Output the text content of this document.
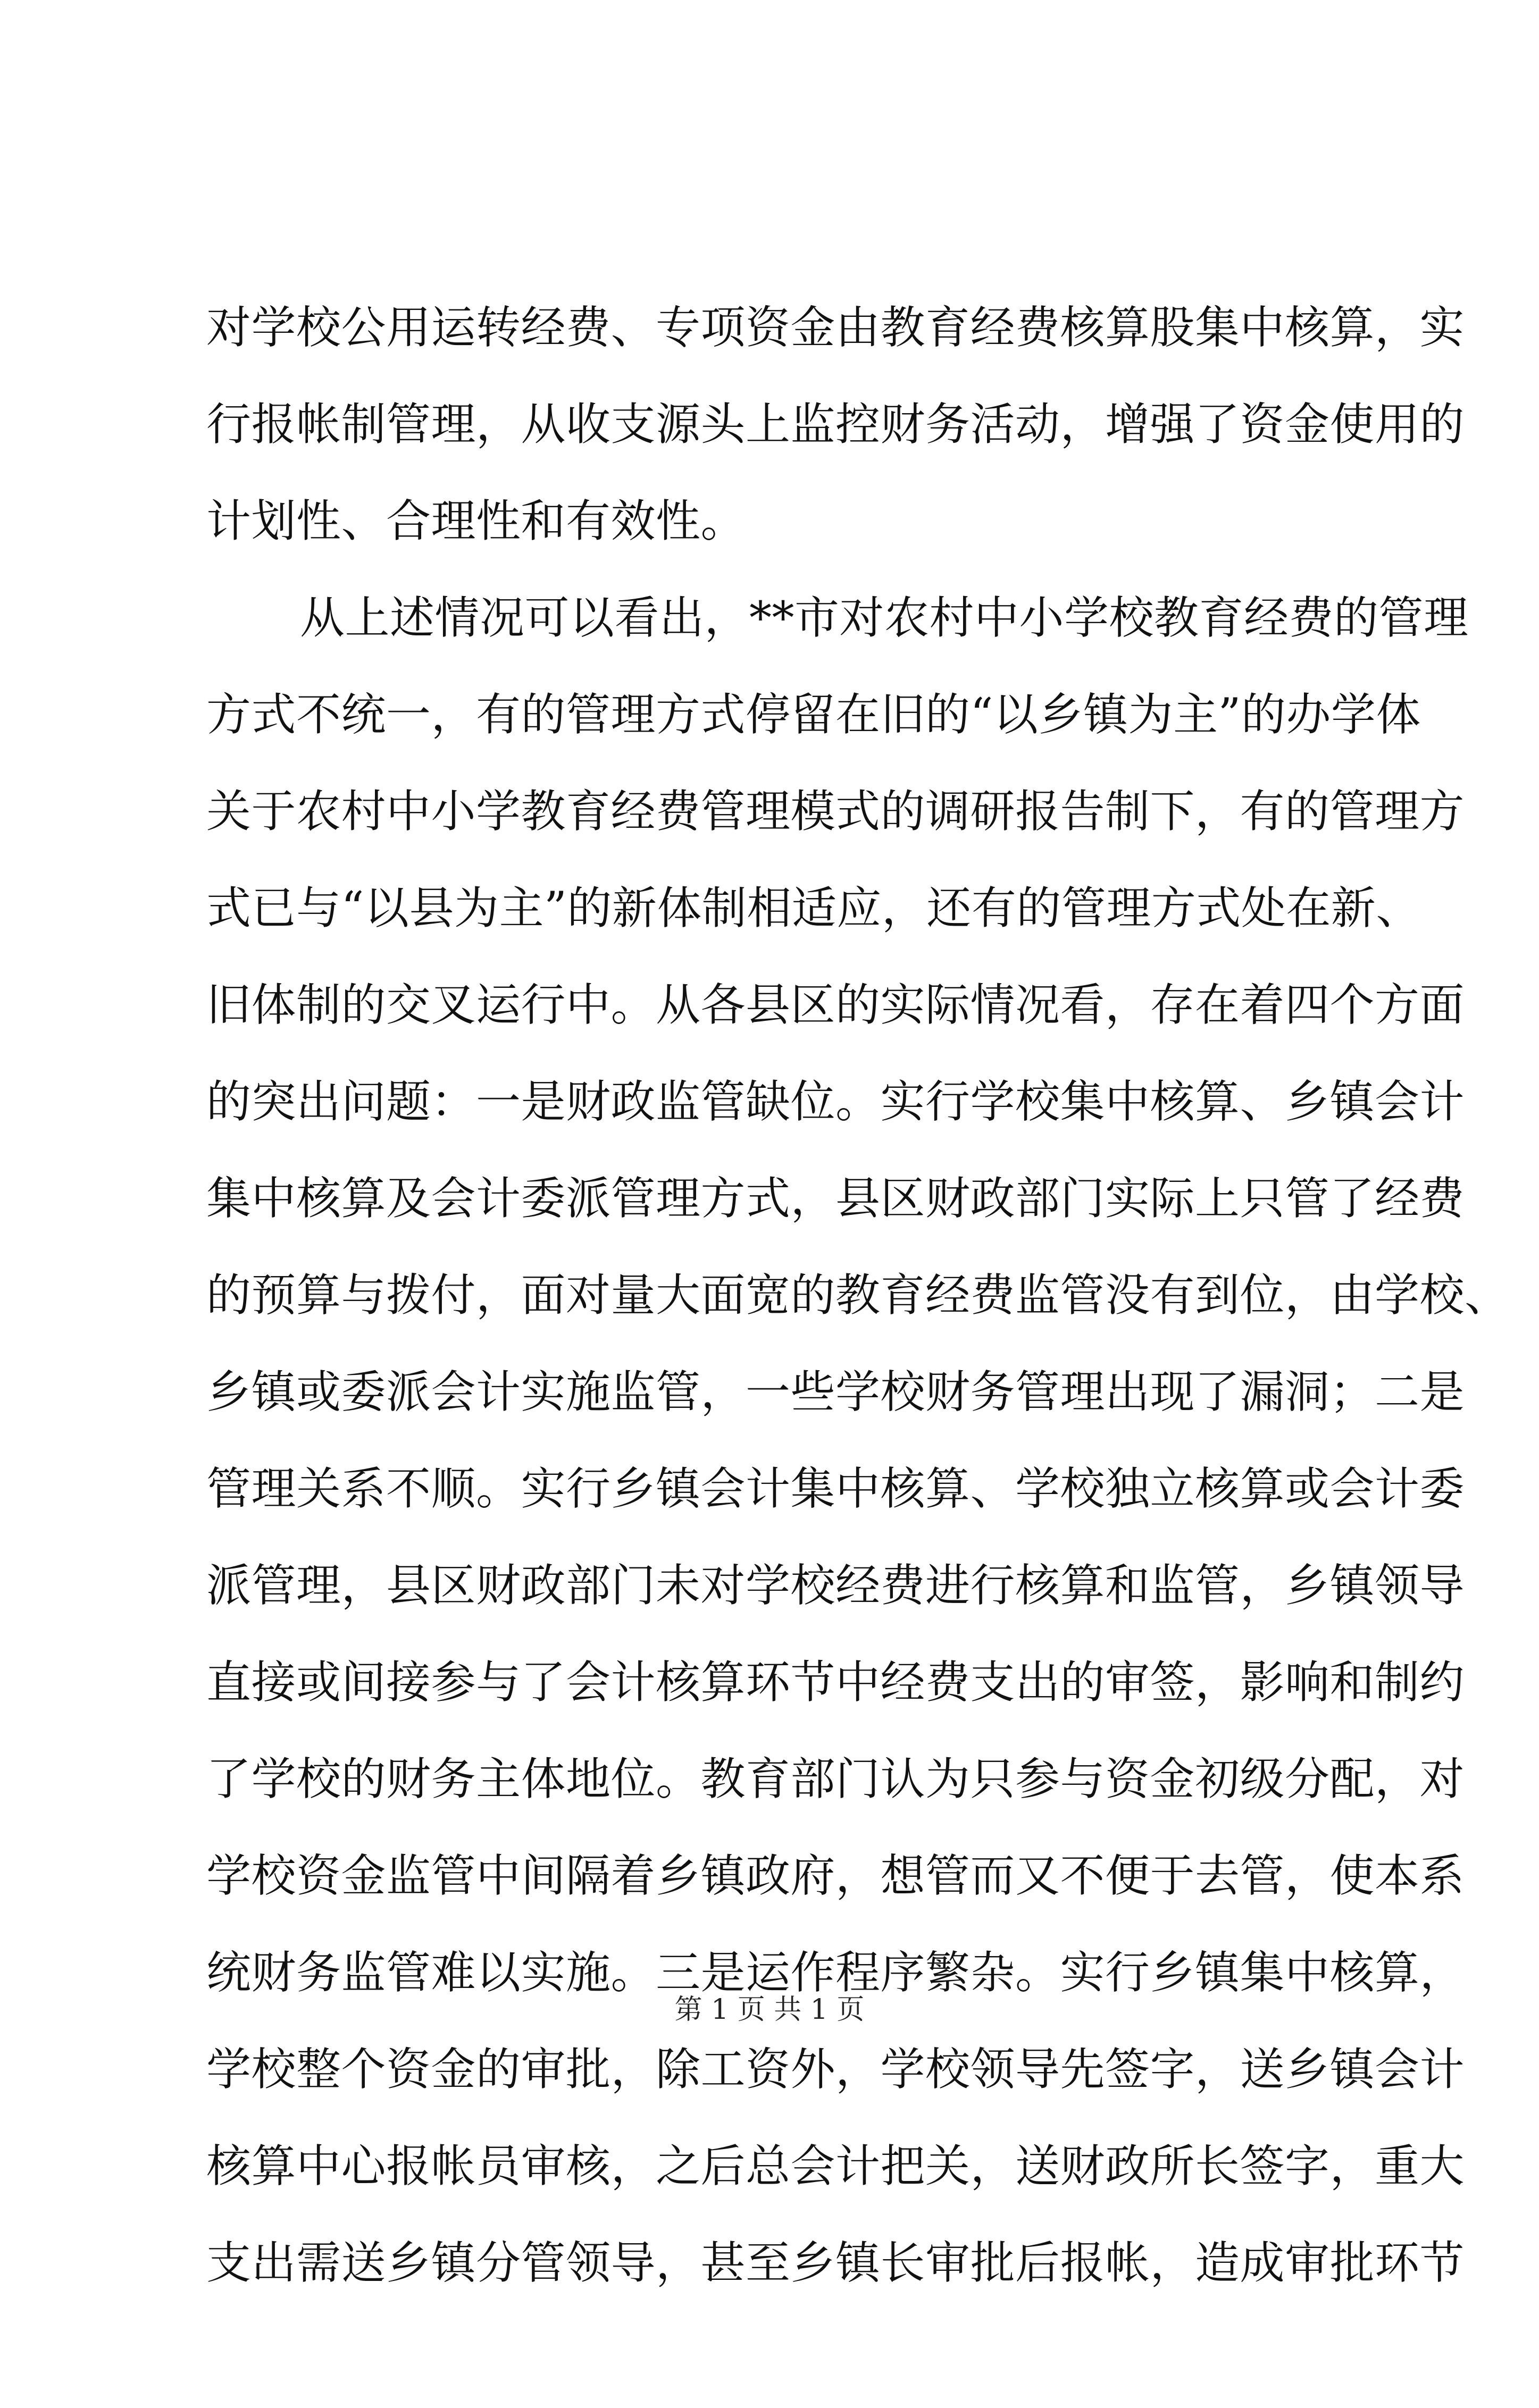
对学校公用运转经费、专项资金由教育经费核算股集中核算，实
行报帐制管理，从收支源头上监控财务活动，增强了资金使用的
计划性、合理性和有效性。
从上述情况可以看出，**市对农村中小学校教育经费的管理
方式不统一，有的管理方式停留在旧的“以乡镇为主”的办学体
关于农村中小学教育经费管理模式的调研报告制下，有的管理方
式已与“以县为主”的新体制相适应，还有的管理方式处在新、
旧体制的交叉运行中。从各县区的实际情况看，存在着四个方面
的突出问题：一是财政监管缺位。实行学校集中核算、乡镇会计
集中核算及会计委派管理方式，县区财政部门实际上只管了经费
的预算与拨付，面对量大面宽的教育经费监管没有到位，由学校、
乡镇或委派会计实施监管，一些学校财务管理出现了漏洞；二是
管理关系不顺。实行乡镇会计集中核算、学校独立核算或会计委
派管理，县区财政部门未对学校经费进行核算和监管，乡镇领导
直接或间接参与了会计核算环节中经费支出的审签，影响和制约
了学校的财务主体地位。教育部门认为只参与资金初级分配，对
学校资金监管中间隔着乡镇政府，想管而又不便于去管，使本系
统财务监管难以实施。三是运作程序繁杂。实行乡镇集中核算，
学校整个资金的审批，除工资外，学校领导先签字，送乡镇会计
核算中心报帐员审核，之后总会计把关，送财政所长签字，重大
支出需送乡镇分管领导，甚至乡镇长审批后报帐，造成审批环节
第 1 页 共 1 页
